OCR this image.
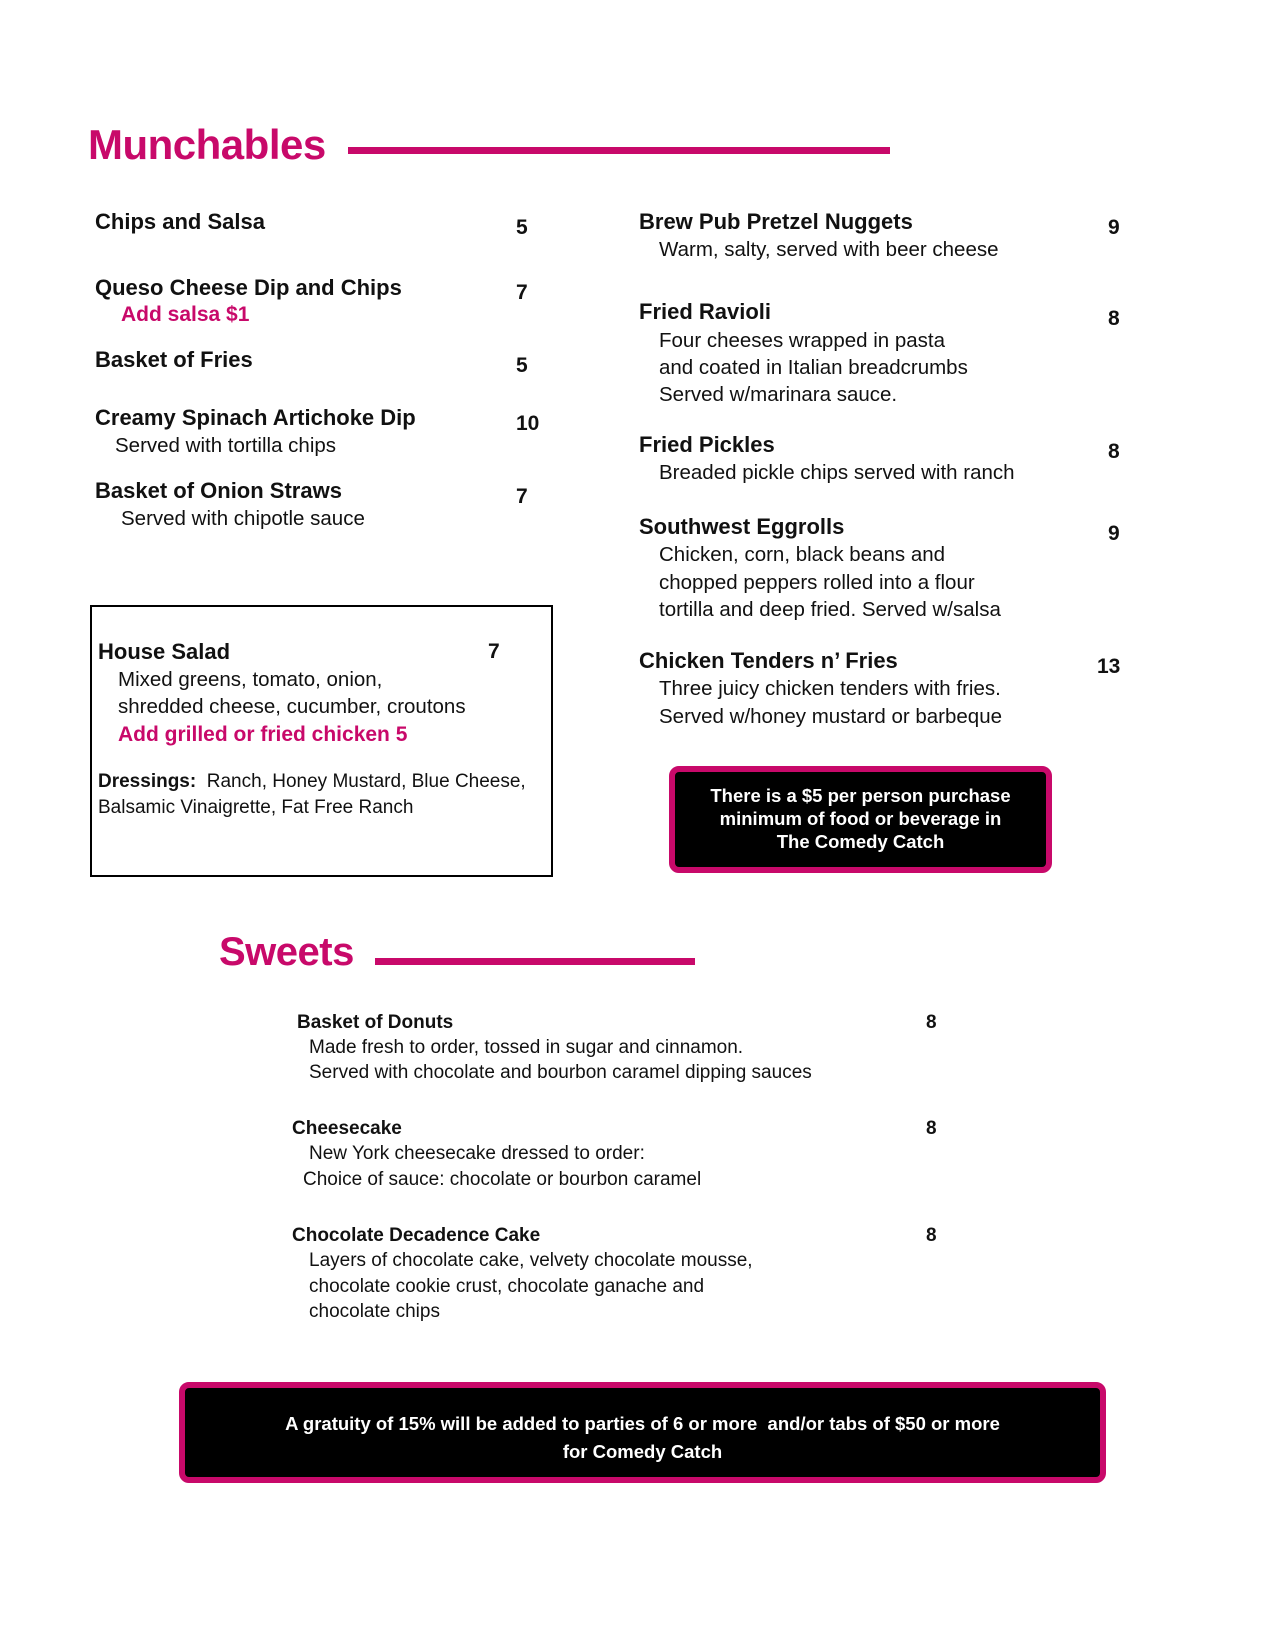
Munchables
Chips and Salsa	5
Queso Cheese Dip and Chips
Add salsa $1
7
Basket of Fries	5
Creamy Spinach Artichoke Dip
Served with tortilla chips
10
Basket of Onion Straws
Served with chipotle sauce
7
House Salad	7
Mixed greens, tomato, onion,
shredded cheese, cucumber, croutons
Add grilled or fried chicken 5
Dressings: Ranch, Honey Mustard, Blue Cheese,
Balsamic Vinaigrette, Fat Free Ranch
Brew Pub Pretzel Nuggets
Warm, salty, served with beer cheese
9
Fried Ravioli
Four cheeses wrapped in pasta
and coated in Italian breadcrumbs
Served w/marinara sauce.
8
Fried Pickles
Breaded pickle chips served with ranch
8
Southwest Eggrolls
Chicken, corn, black beans and
chopped peppers rolled into a flour
tortilla and deep fried. Served w/salsa
9
Chicken Tenders n’ Fries
Three juicy chicken tenders with fries.
Served w/honey mustard or barbeque
13
There is a $5 per person purchase
minimum of food or beverage in
The Comedy Catch
Sweets
Basket of Donuts
Made fresh to order, tossed in sugar and cinnamon.
Served with chocolate and bourbon caramel dipping sauces
8
Cheesecake
New York cheesecake dressed to order:
Choice of sauce: chocolate or bourbon caramel
8
Chocolate Decadence Cake
Layers of chocolate cake, velvety chocolate mousse,
chocolate cookie crust, chocolate ganache and
chocolate chips
8
A gratuity of 15% will be added to parties of 6 or more  and/or tabs of $50 or more
for Comedy Catch
